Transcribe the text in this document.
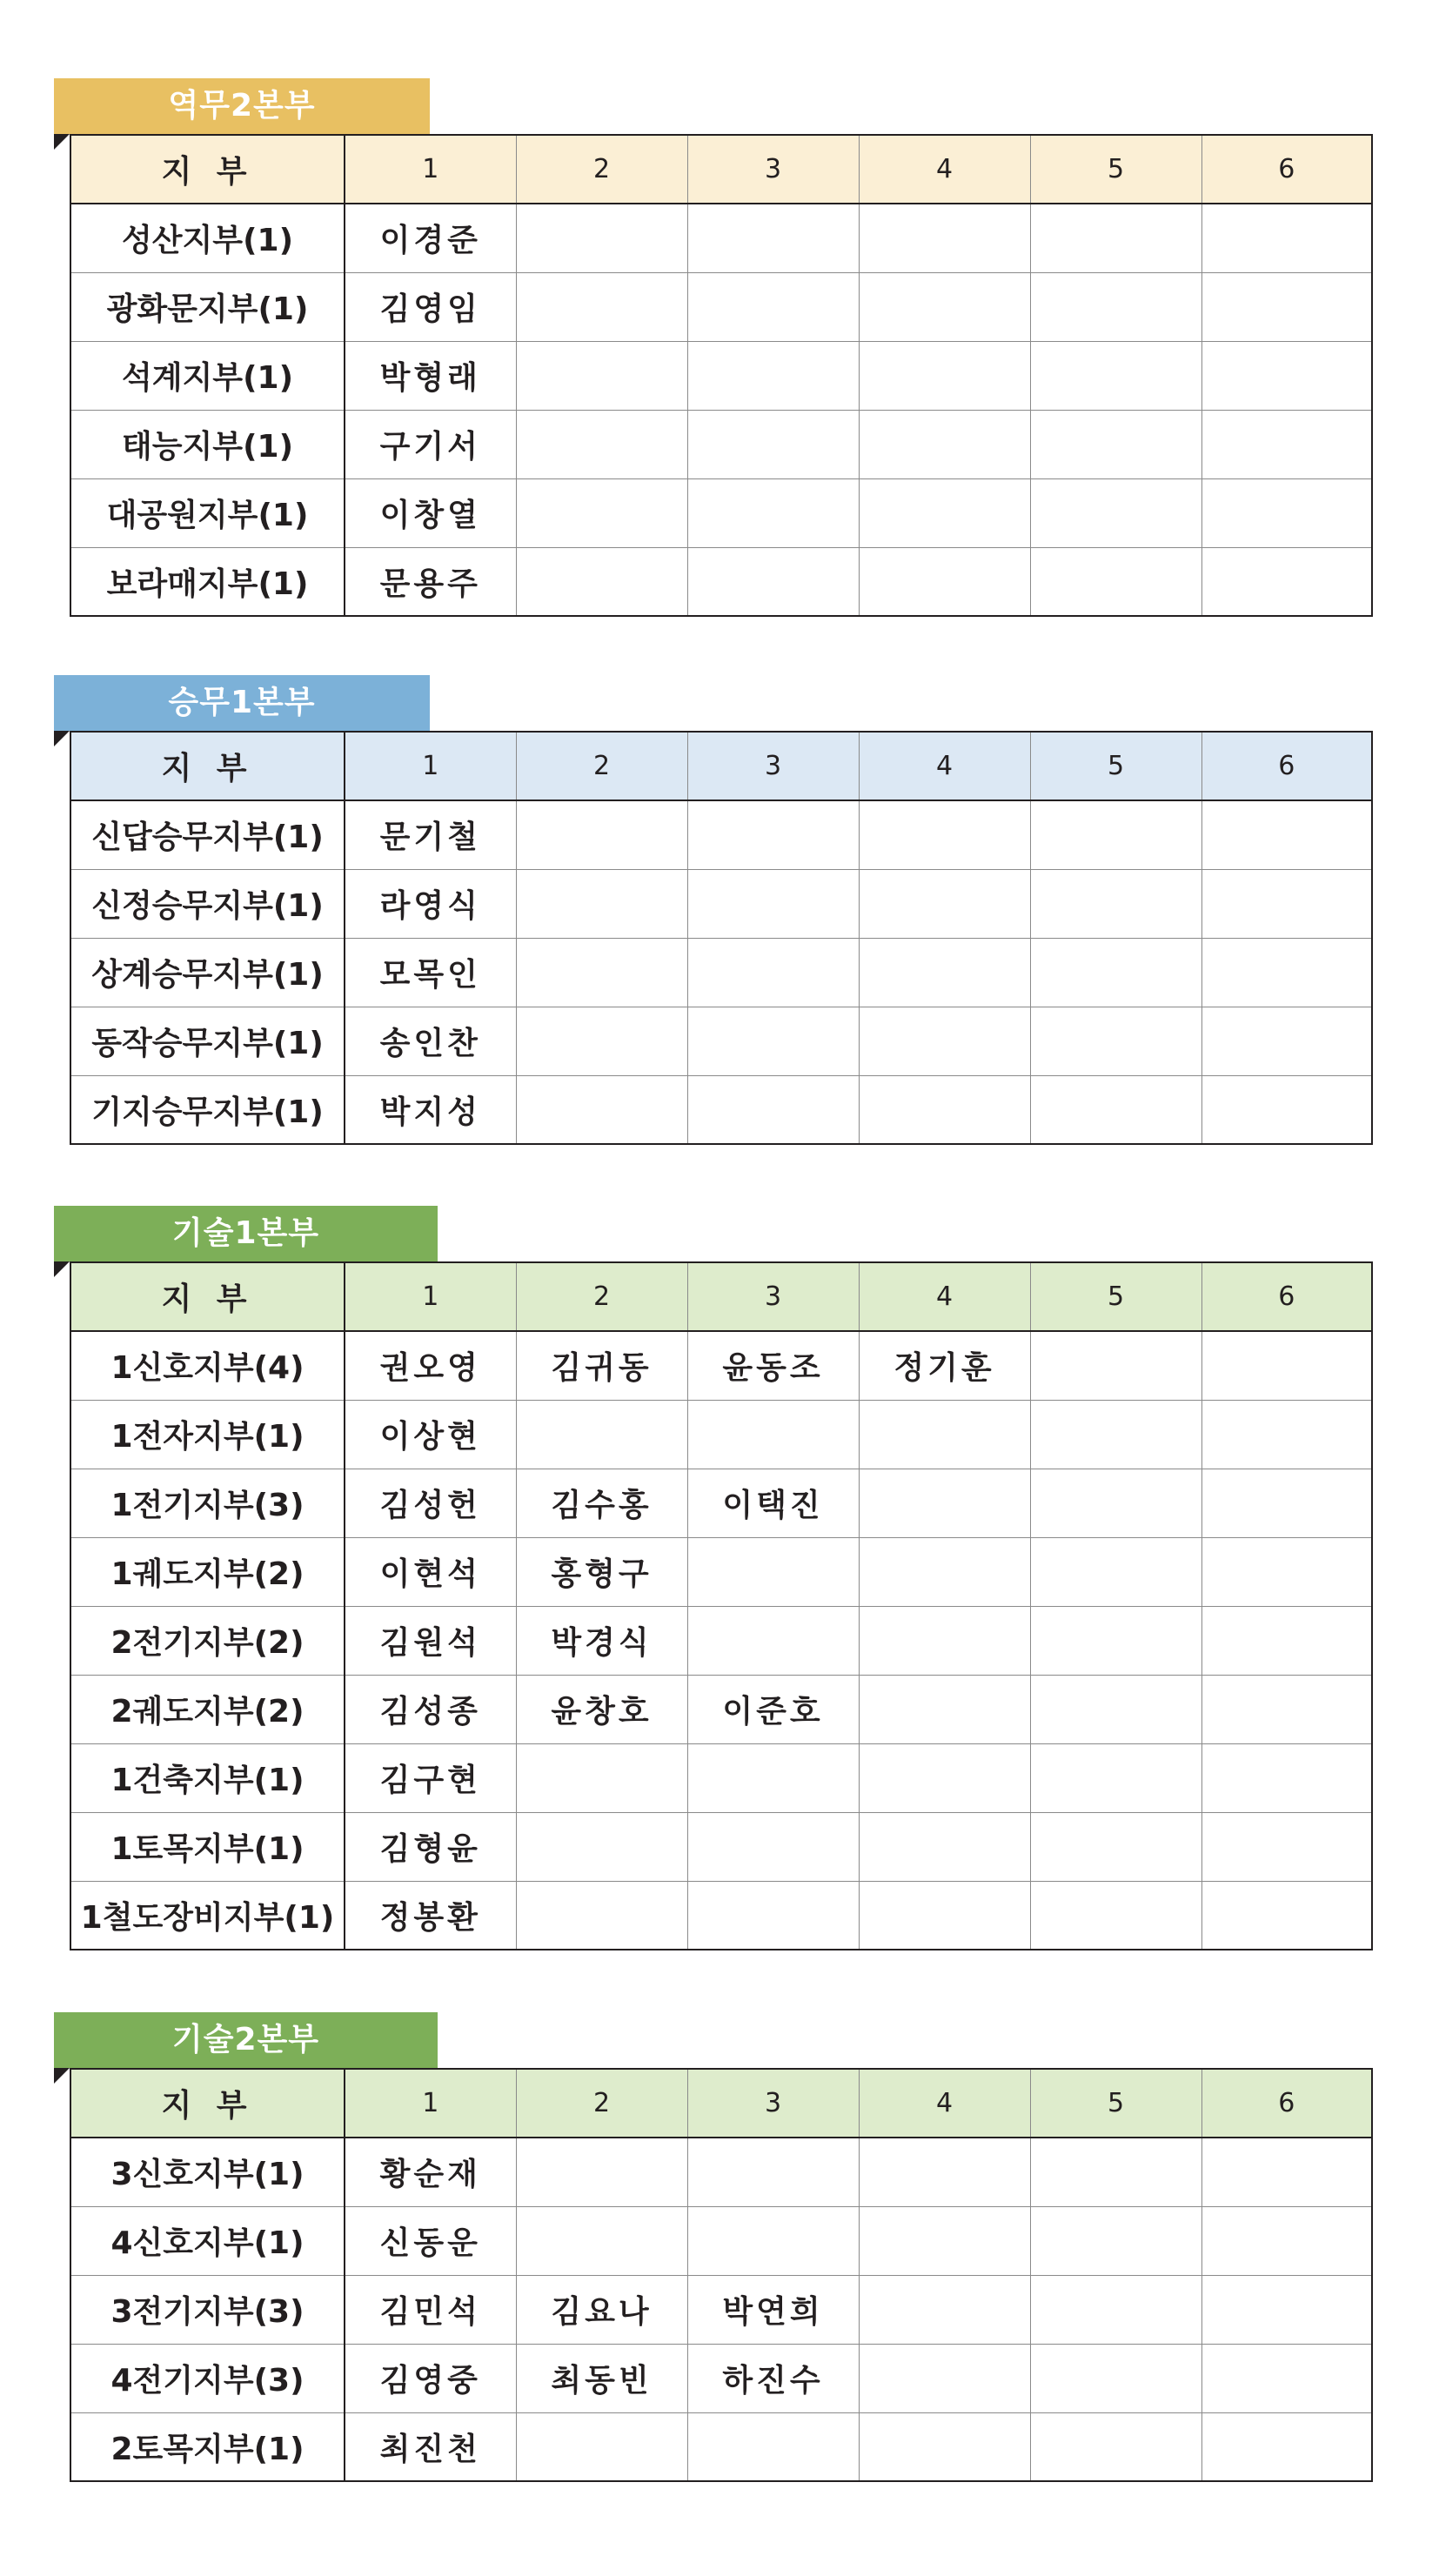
역무2본부
지 부	1	2	3	4	5	6
성산지부(1)	이경준					
광화문지부(1)	김영임					
석계지부(1)	박형래					
태능지부(1)	구기서					
대공원지부(1)	이창열					
보라매지부(1)	문용주					
승무1본부
지 부	1	2	3	4	5	6
신답승무지부(1)	문기철					
신정승무지부(1)	라영식					
상계승무지부(1)	모목인					
동작승무지부(1)	송인찬					
기지승무지부(1)	박지성					
기술1본부
지 부	1	2	3	4	5	6
1신호지부(4)	권오영	김귀동	윤동조	정기훈		
1전자지부(1)	이상현					
1전기지부(3)	김성헌	김수홍	이택진			
1궤도지부(2)	이현석	홍형구				
2전기지부(2)	김원석	박경식				
2궤도지부(2)	김성종	윤창호	이준호			
1건축지부(1)	김구현					
1토목지부(1)	김형윤					
1철도장비지부(1)	정봉환					
기술2본부
지 부	1	2	3	4	5	6
3신호지부(1)	황순재					
4신호지부(1)	신동운					
3전기지부(3)	김민석	김요나	박연희			
4전기지부(3)	김영중	최동빈	하진수			
2토목지부(1)	최진천					
